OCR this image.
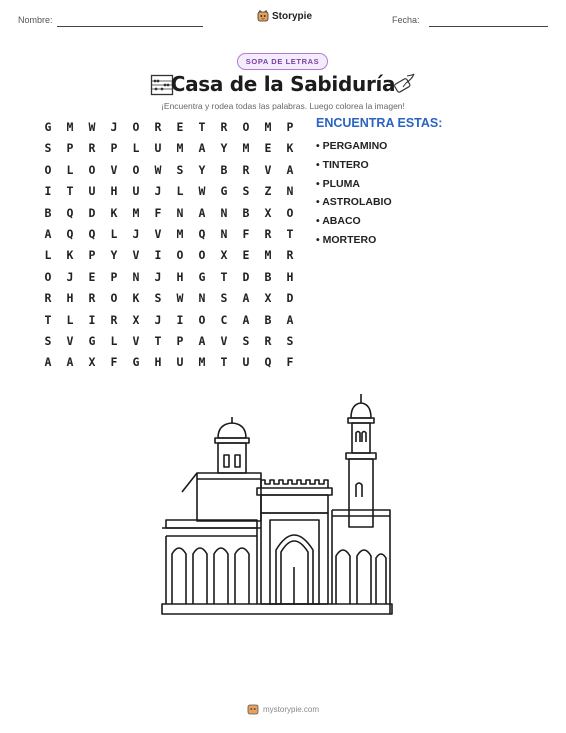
Nombre:	Storypie	Fecha:
SOPA DE LETRAS
Casa de la Sabiduría
¡Encuentra y rodea todas las palabras. Luego colorea la imagen!
G	M	W	J	O	R	E	T	R	O	M	P
S	P	R	P	L	U	M	A	Y	M	E	K
O	L	O	V	O	W	S	Y	B	R	V	A
I	T	U	H	U	J	L	W	G	S	Z	N
B	Q	D	K	M	F	N	A	N	B	X	O
A	Q	Q	L	J	V	M	Q	N	F	R	T
L	K	P	Y	V	I	O	O	X	E	M	R
O	J	E	P	N	J	H	G	T	D	B	H
R	H	R	O	K	S	W	N	S	A	X	D
T	L	I	R	X	J	I	O	C	A	B	A
S	V	G	L	V	T	P	A	V	S	R	S
A	A	X	F	G	H	U	M	T	U	Q	F
ENCUENTRA ESTAS:
• PERGAMINO
• TINTERO
• PLUMA
• ASTROLABIO
• ABACO
• MORTERO
mystorypie.com
